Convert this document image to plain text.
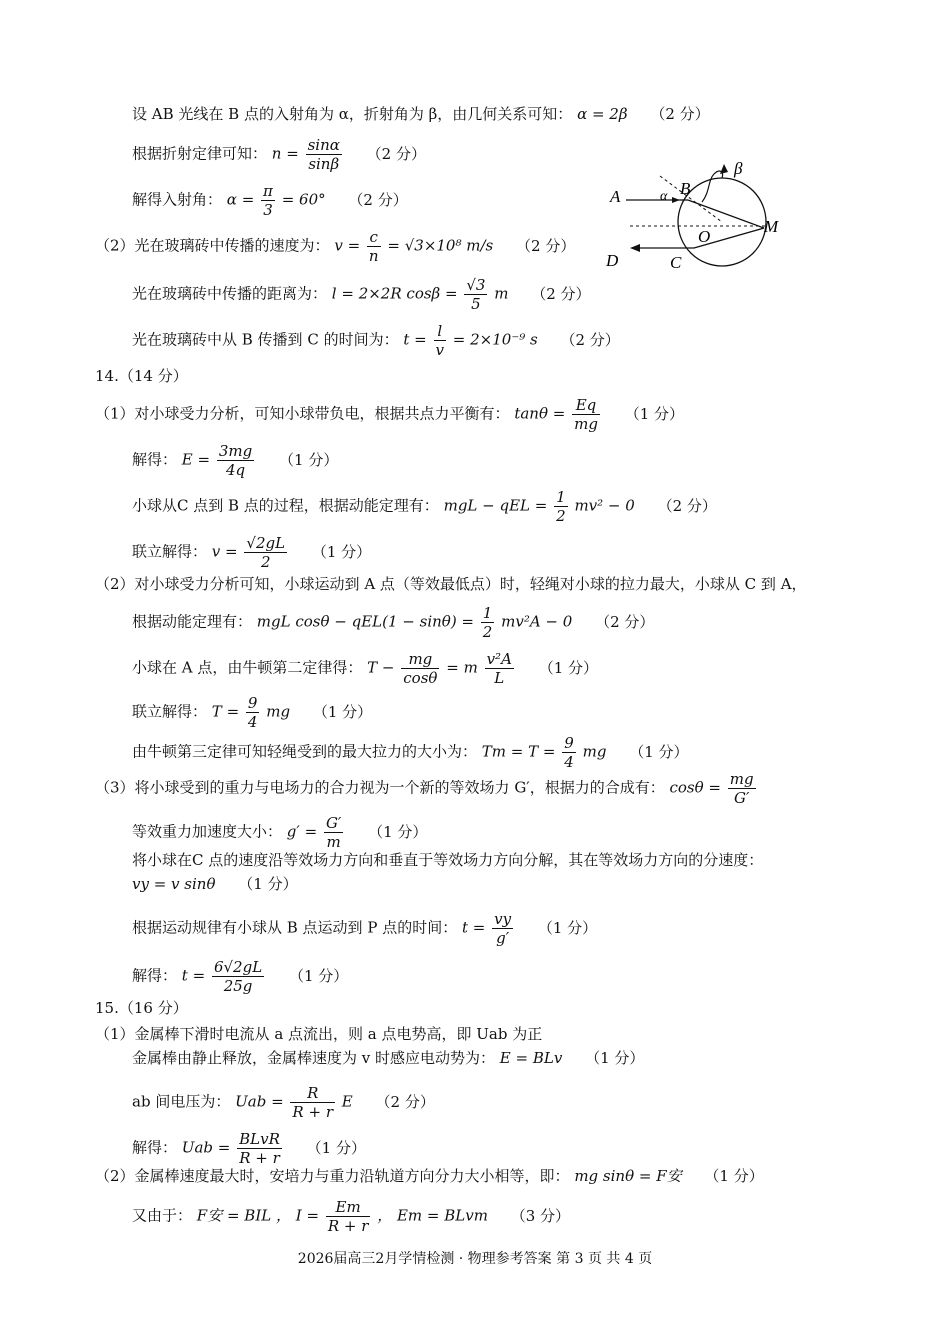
设 AB 光线在 B 点的入射角为 α，折射角为 β，由几何关系可知： α = 2β （2 分）
根据折射定律可知： $n = \frac{\sin\alpha}{\sin\beta} (2$ 分）
解得入射角： $\alpha = \frac{\pi}{3} = 60^\circ$ （2 分）
（2）光在玻璃砖中传播的速度为： $v = \frac{c}{n} = √3\times 10^8$ m/s （2 分）
光在玻璃砖中传播的距离为： l = 2×2R $\cos\beta = \frac{√3}{5}$ m （2 分）
光在玻璃砖中从 B 传播到 C 的时间为： $t = \frac{l}{v} = 2\times 10^{-9}$ s （2 分）
A	B
α
β
O
M
C
D
14.（14 分）
（1）对小球受力分析，可知小球带负电，根据共点力平衡有： $\tan\theta = \frac{Eq}{mg} (1$ 分）
解得： $E = \frac{3mg}{4q} (1$ 分）
小球从C 点到 B 点的过程，根据动能定理有： mgL − qEL = $\frac{1}{2} mv^2 - 0$ （2 分）
联立解得： $v = \frac{√2gL}{2} (1$ 分）
（2）对小球受力分析可知，小球运动到 A 点（等效最低点）时，轻绳对小球的拉力最大，小球从 C 到 A，
根据动能定理有： mgL $\cos\theta - qEL(1 - \sin\theta) = \frac{1}{2} mv^2A - 0$ （2 分）
小球在 A 点，由牛顿第二定律得： $T - \frac{mg}{\cos\theta} = m \frac{\text{v²A}}{L} (1$ 分）
联立解得： $T = \frac{9}{4}$ mg （1 分）
由牛顿第三定律可知轻绳受到的最大拉力的大小为： $Tm = T = \frac{9}{4}$ mg （1 分）
（3）将小球受到的重力与电场力的合力视为一个新的等效场力 G′，根据力的合成有： $\cos\theta = \frac{mg}{G'}$
等效重力加速度大小： $g' = \frac{G'}{m} (1$ 分）
将小球在C 点的速度沿等效场力方向和垂直于等效场力方向分解，其在等效场力方向的分速度：
vy = v sinθ （1 分）
根据运动规律有小球从 B 点运动到 P 点的时间： $t = \frac{vy}{g'} (1$ 分）
解得： $t = \frac{6√2gL}{25g} (1$ 分）
15.（16 分）
（1）金属棒下滑时电流从 a 点流出，则 a 点电势高，即 Uab 为正
金属棒由静止释放，金属棒速度为 v 时感应电动势为： E = BLv （1 分）
ab 间电压为： Uab = $\frac{R}{R + r}$ E （2 分）
解得： Uab = $\frac{\text{BLvR}}{R + r} (1$ 分）
（2）金属棒速度最大时，安培力与重力沿轨道方向分力大小相等，即： mg sinθ = F安 （1 分）
又由于： F安 = BIL ， $I = \frac{Em}{R + r}$ ， Em = BLvm （3 分）
2026届高三2月学情检测 · 物理参考答案 第 3 页 共 4 页
